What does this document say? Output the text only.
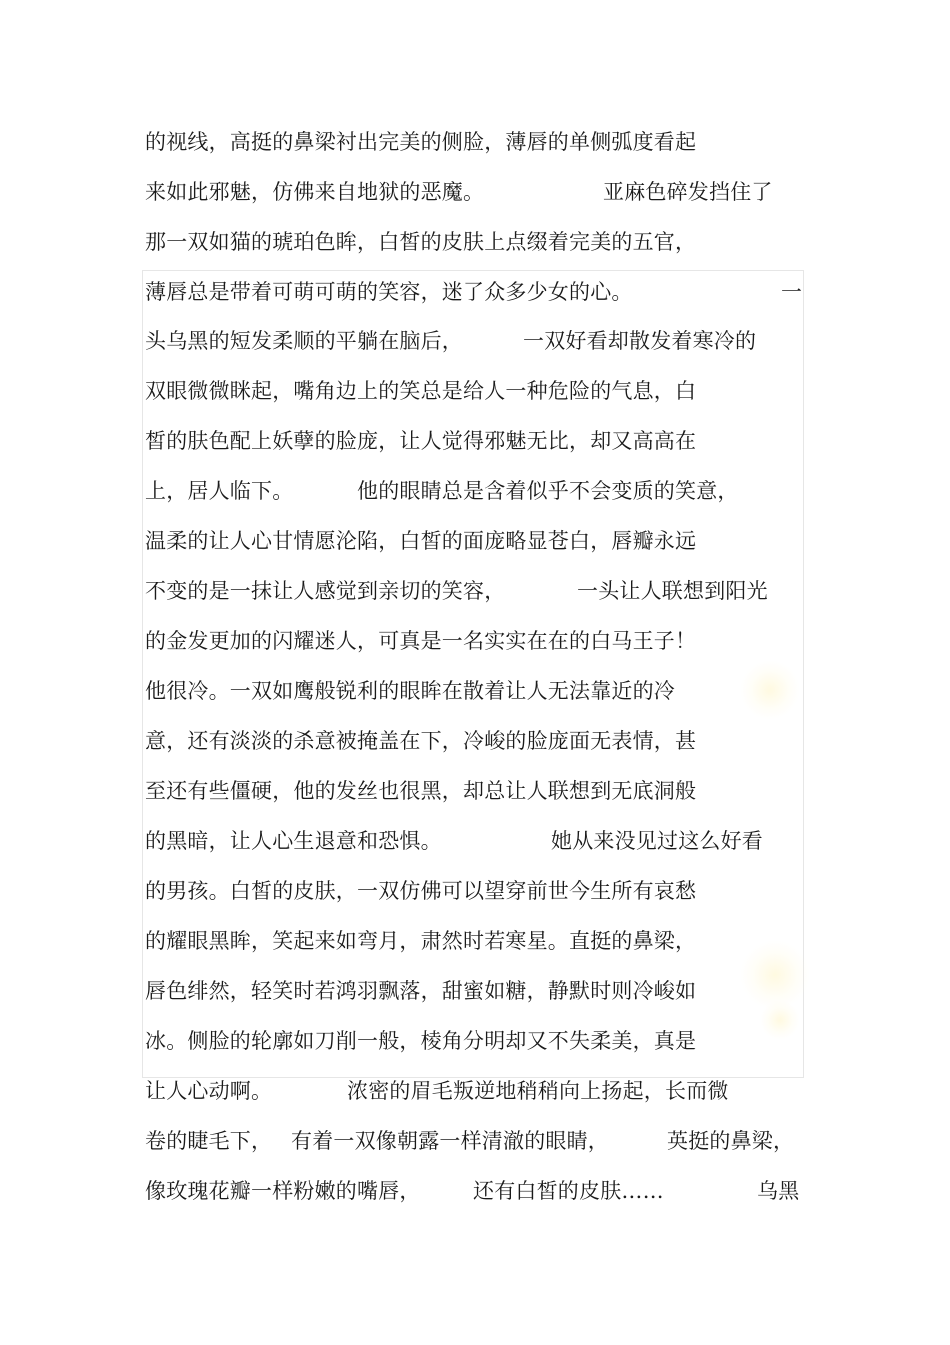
的视线，高挺的鼻梁衬出完美的侧脸，薄唇的单侧弧度看起
来如此邪魅，仿佛来自地狱的恶魔。	亚麻色碎发挡住了
那一双如猫的琥珀色眸，白皙的皮肤上点缀着完美的五官，
薄唇总是带着可萌可萌的笑容，迷了众多少女的心。	一
头乌黑的短发柔顺的平躺在脑后，	一双好看却散发着寒冷的
双眼微微眯起，嘴角边上的笑总是给人一种危险的气息，白
皙的肤色配上妖孽的脸庞，让人觉得邪魅无比，却又高高在
上，居人临下。	他的眼睛总是含着似乎不会变质的笑意，
温柔的让人心甘情愿沦陷，白皙的面庞略显苍白，唇瓣永远
不变的是一抹让人感觉到亲切的笑容，	一头让人联想到阳光
的金发更加的闪耀迷人，可真是一名实实在在的白马王子！
他很冷。一双如鹰般锐利的眼眸在散着让人无法靠近的冷
意，还有淡淡的杀意被掩盖在下，冷峻的脸庞面无表情，甚
至还有些僵硬，他的发丝也很黑，却总让人联想到无底洞般
的黑暗，让人心生退意和恐惧。	她从来没见过这么好看
的男孩。白皙的皮肤，一双仿佛可以望穿前世今生所有哀愁
的耀眼黑眸，笑起来如弯月，肃然时若寒星。直挺的鼻梁，
唇色绯然，轻笑时若鸿羽飘落，甜蜜如糖，静默时则冷峻如
冰。侧脸的轮廓如刀削一般，棱角分明却又不失柔美，真是
让人心动啊。	浓密的眉毛叛逆地稍稍向上扬起，长而微
卷的睫毛下， 有着一双像朝露一样清澈的眼睛，	英挺的鼻梁，
像玫瑰花瓣一样粉嫩的嘴唇， 还有白皙的皮肤……	乌黑
